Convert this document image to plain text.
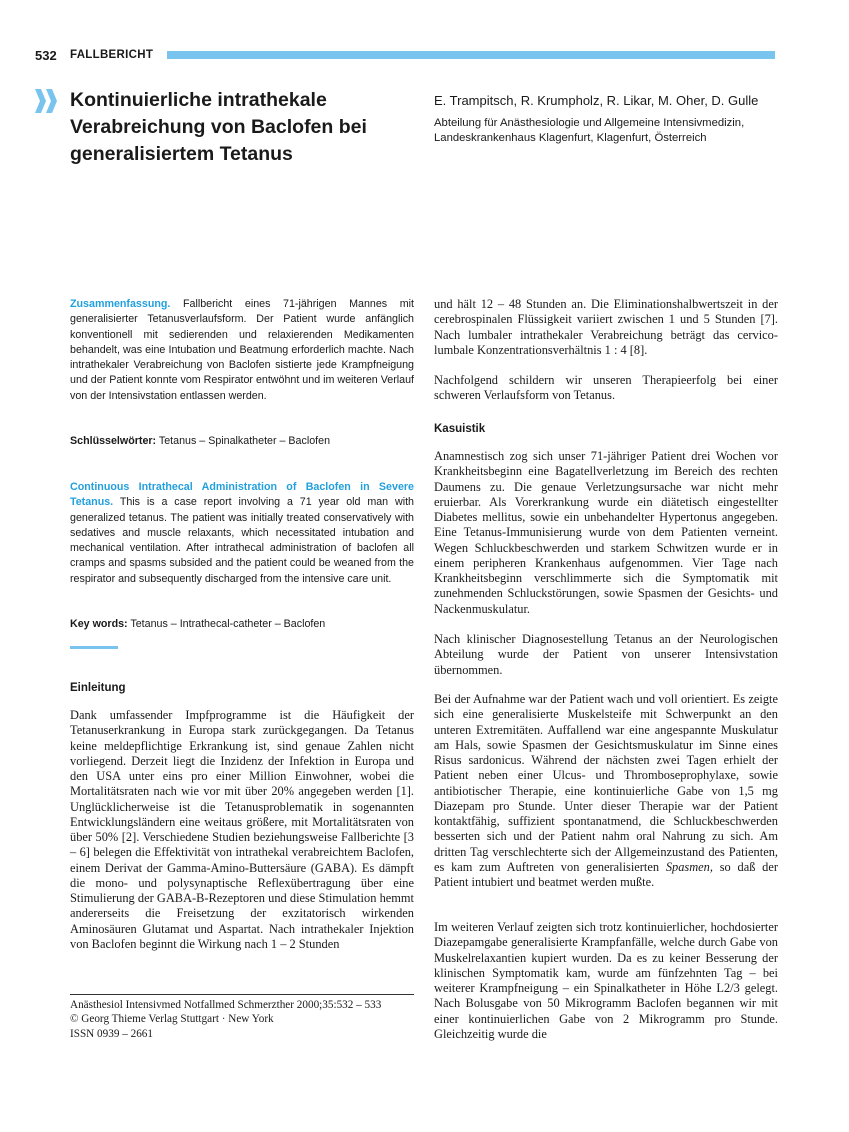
532 FALLBERICHT
Kontinuierliche intrathekale Verabreichung von Baclofen bei generalisiertem Tetanus
E. Trampitsch, R. Krumpholz, R. Likar, M. Oher, D. Gulle
Abteilung für Anästhesiologie und Allgemeine Intensivmedizin, Landeskrankenhaus Klagenfurt, Klagenfurt, Österreich

Zusammenfassung. Fallbericht eines 71-jährigen Mannes mit generalisierter Tetanusverlaufsform. Der Patient wurde anfänglich konventionell mit sedierenden und relaxierenden Medikamenten behandelt, was eine Intubation und Beatmung erforderlich machte. Nach intrathekaler Verabreichung von Baclofen sistierte jede Krampfneigung und der Patient konnte vom Respirator entwöhnt und im weiteren Verlauf von der Intensivstation entlassen werden.

Schlüsselwörter: Tetanus – Spinalkatheter – Baclofen

Continuous Intrathecal Administration of Baclofen in Severe Tetanus. This is a case report involving a 71 year old man with generalized tetanus. The patient was initially treated conservatively with sedatives and muscle relaxants, which necessitated intubation and mechanical ventilation. After intrathecal administration of baclofen all cramps and spasms subsided and the patient could be weaned from the respirator and subsequently discharged from the intensive care unit.

Key words: Tetanus – Intrathecal-catheter – Baclofen

Einleitung

Dank umfassender Impfprogramme ist die Häufigkeit der Tetanuserkrankung in Europa stark zurückgegangen. Da Tetanus keine meldepflichtige Erkrankung ist, sind genaue Zahlen nicht vorliegend. Derzeit liegt die Inzidenz der Infektion in Europa und den USA unter eins pro einer Million Einwohner, wobei die Mortalitätsraten nach wie vor mit über 20% angegeben werden [1]. Unglücklicherweise ist die Tetanusproblematik in sogenannten Entwicklungsländern eine weitaus größere, mit Mortalitätsraten von über 50% [2]. Verschiedene Studien beziehungsweise Fallberichte [3 – 6] belegen die Effektivität von intrathekal verabreichtem Baclofen, einem Derivat der Gamma-Amino-Buttersäure (GABA). Es dämpft die mono- und polysynaptische Reflexübertragung über eine Stimulierung der GABA-B-Rezeptoren und diese Stimulation hemmt andererseits die Freisetzung der exzitatorisch wirkenden Aminosäuren Glutamat und Aspartat. Nach intrathekaler Injektion von Baclofen beginnt die Wirkung nach 1 – 2 Stunden

und hält 12 – 48 Stunden an. Die Eliminationshalbwertszeit in der cerebrospinalen Flüssigkeit variiert zwischen 1 und 5 Stunden [7]. Nach lumbaler intrathekaler Verabreichung beträgt das cervico-lumbale Konzentrationsverhältnis 1 : 4 [8].

Nachfolgend schildern wir unseren Therapieerfolg bei einer schweren Verlaufsform von Tetanus.

Kasuistik

Anamnestisch zog sich unser 71-jähriger Patient drei Wochen vor Krankheitsbeginn eine Bagatellverletzung im Bereich des rechten Daumens zu. Die genaue Verletzungsursache war nicht mehr eruierbar. Als Vorerkrankung wurde ein diätetisch eingestellter Diabetes mellitus, sowie ein unbehandelter Hypertonus angegeben. Eine Tetanus-Immunisierung wurde von dem Patienten verneint. Wegen Schluckbeschwerden und starkem Schwitzen wurde er in einem peripheren Krankenhaus aufgenommen. Vier Tage nach Krankheitsbeginn verschlimmerte sich die Symptomatik mit zunehmenden Schluckstörungen, sowie Spasmen der Gesichts- und Nackenmuskulatur.

Nach klinischer Diagnosestellung Tetanus an der Neurologischen Abteilung wurde der Patient von unserer Intensivstation übernommen.

Bei der Aufnahme war der Patient wach und voll orientiert. Es zeigte sich eine generalisierte Muskelsteife mit Schwerpunkt an den unteren Extremitäten. Auffallend war eine angespannte Muskulatur am Hals, sowie Spasmen der Gesichtsmuskulatur im Sinne eines Risus sardonicus. Während der nächsten zwei Tagen erhielt der Patient neben einer Ulcus- und Thromboseprophylaxe, sowie antibiotischer Therapie, eine kontinuierliche Gabe von 1,5 mg Diazepam pro Stunde. Unter dieser Therapie war der Patient kontaktfähig, suffizient spontanatmend, die Schluckbeschwerden besserten sich und der Patient nahm oral Nahrung zu sich. Am dritten Tag verschlechterte sich der Allgemeinzustand des Patienten, es kam zum Auftreten von generalisierten Spasmen, so daß der Patient intubiert und beatmet werden mußte.

Im weiteren Verlauf zeigten sich trotz kontinuierlicher, hochdosierter Diazepamgabe generalisierte Krampfanfälle, welche durch Gabe von Muskelrelaxantien kupiert wurden. Da es zu keiner Besserung der klinischen Symptomatik kam, wurde am fünfzehnten Tag – bei weiterer Krampfneigung – ein Spinalkatheter in Höhe L2/3 gelegt. Nach Bolusgabe von 50 Mikrogramm Baclofen begannen wir mit einer kontinuierlichen Gabe von 2 Mikrogramm pro Stunde. Gleichzeitig wurde die

Anästhesiol Intensivmed Notfallmed Schmerzther 2000;35:532 – 533
© Georg Thieme Verlag Stuttgart · New York
ISSN 0939 – 2661
